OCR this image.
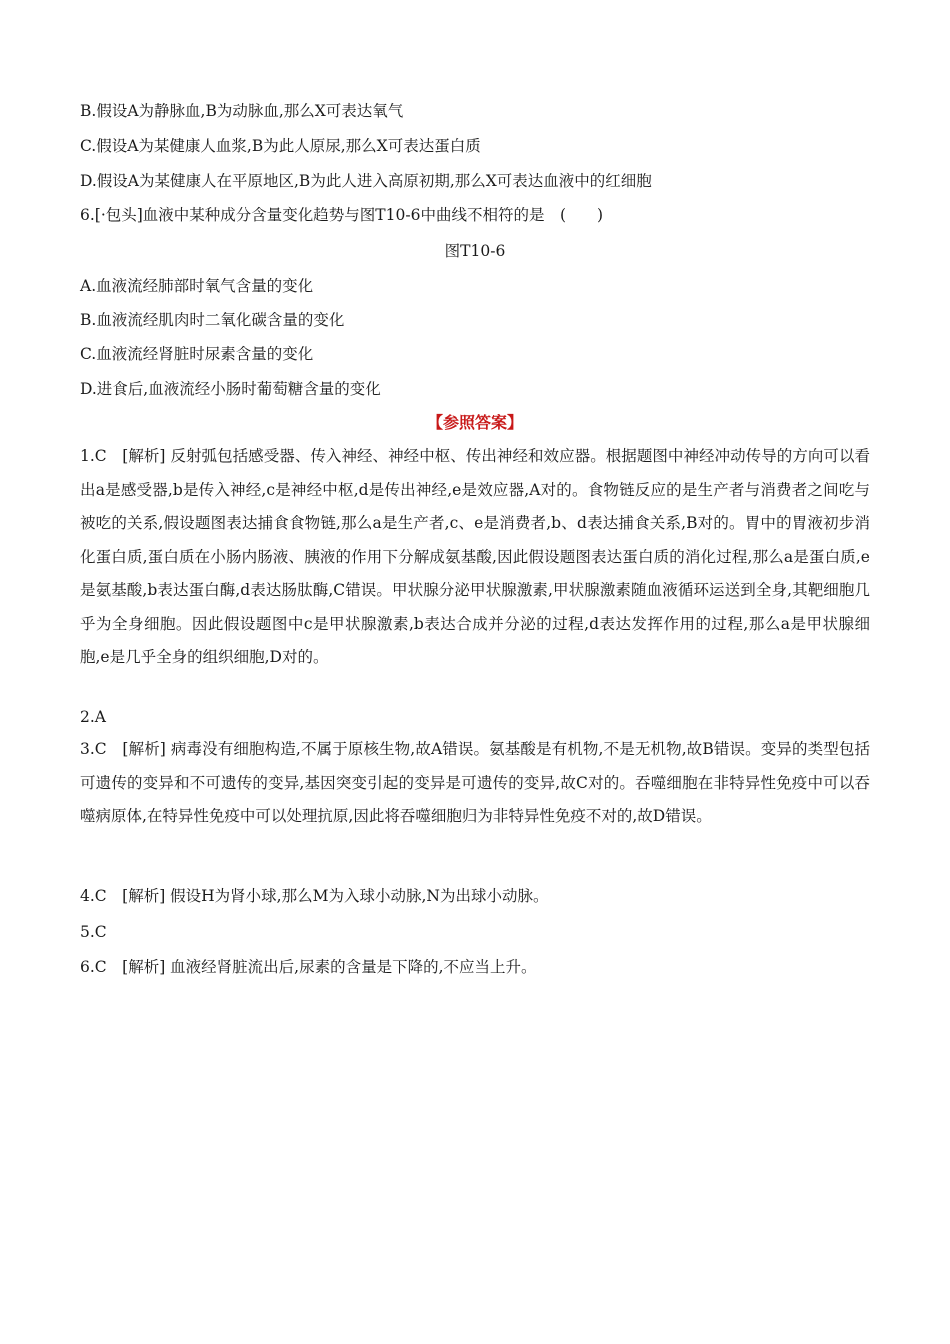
B.假设A为静脉血,B为动脉血,那么X可表达氧气
C.假设A为某健康人血浆,B为此人原尿,那么X可表达蛋白质
D.假设A为某健康人在平原地区,B为此人进入高原初期,那么X可表达血液中的红细胞
6.[·包头]血液中某种成分含量变化趋势与图T10-6中曲线不相符的是　(　　)
图T10-6
A.血液流经肺部时氧气含量的变化
B.血液流经肌肉时二氧化碳含量的变化
C.血液流经肾脏时尿素含量的变化
D.进食后,血液流经小肠时葡萄糖含量的变化
【参照答案】
1.C　[解析] 反射弧包括感受器、传入神经、神经中枢、传出神经和效应器。根据题图中神经冲动传导的方向可以看出a是感受器,b是传入神经,c是神经中枢,d是传出神经,e是效应器,A对的。食物链反应的是生产者与消费者之间吃与被吃的关系,假设题图表达捕食食物链,那么a是生产者,c、e是消费者,b、d表达捕食关系,B对的。胃中的胃液初步消化蛋白质,蛋白质在小肠内肠液、胰液的作用下分解成氨基酸,因此假设题图表达蛋白质的消化过程,那么a是蛋白质,e是氨基酸,b表达蛋白酶,d表达肠肽酶,C错误。甲状腺分泌甲状腺激素,甲状腺激素随血液循环运送到全身,其靶细胞几乎为全身细胞。因此假设题图中c是甲状腺激素,b表达合成并分泌的过程,d表达发挥作用的过程,那么a是甲状腺细胞,e是几乎全身的组织细胞,D对的。
2.A
3.C　[解析] 病毒没有细胞构造,不属于原核生物,故A错误。氨基酸是有机物,不是无机物,故B错误。变异的类型包括可遗传的变异和不可遗传的变异,基因突变引起的变异是可遗传的变异,故C对的。吞噬细胞在非特异性免疫中可以吞噬病原体,在特异性免疫中可以处理抗原,因此将吞噬细胞归为非特异性免疫不对的,故D错误。
4.C　[解析] 假设H为肾小球,那么M为入球小动脉,N为出球小动脉。
5.C
6.C　[解析] 血液经肾脏流出后,尿素的含量是下降的,不应当上升。
